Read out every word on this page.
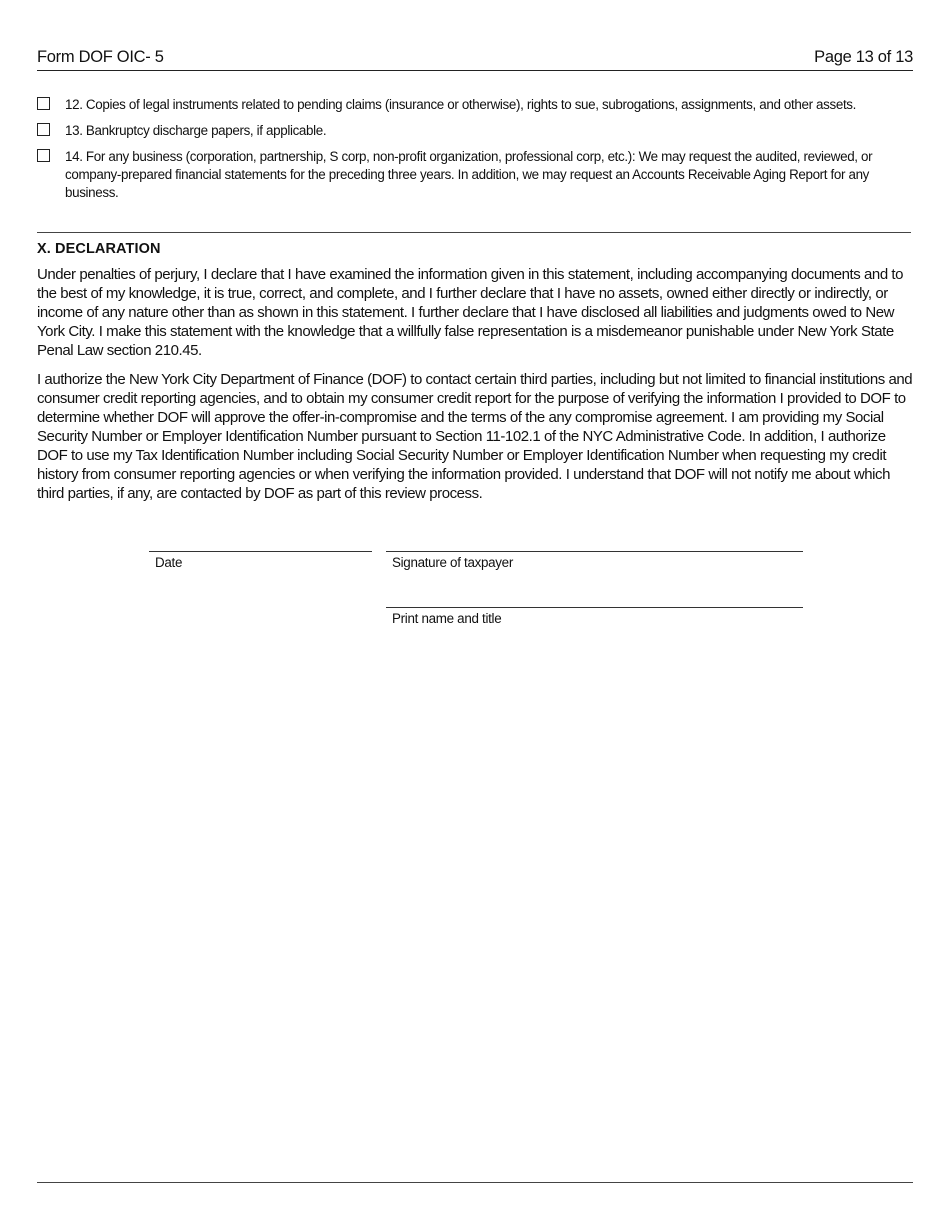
Form DOF OIC- 5	Page 13 of 13
12. Copies of legal instruments related to pending claims (insurance or otherwise), rights to sue, subrogations, assignments, and other assets.
13. Bankruptcy discharge papers, if applicable.
14. For any business (corporation, partnership, S corp, non-profit organization, professional corp, etc.): We may request the audited, reviewed, or company-prepared financial statements for the preceding three years. In addition, we may request an Accounts Receivable Aging Report for any business.
X. DECLARATION
Under penalties of perjury, I declare that I have examined the information given in this statement, including accompanying documents and to the best of my knowledge, it is true, correct, and complete, and I further declare that I have no assets, owned either directly or indirectly, or income of any nature other than as shown in this statement. I further declare that I have disclosed all liabilities and judgments owed to New York City. I make this statement with the knowledge that a willfully false representation is a misdemeanor punishable under New York State Penal Law section 210.45.
I authorize the New York City Department of Finance (DOF) to contact certain third parties, including but not limited to financial institutions and consumer credit reporting agencies, and to obtain my consumer credit report for the purpose of verifying the information I provided to DOF to determine whether DOF will approve the offer-in-compromise and the terms of the any compromise agreement. I am providing my Social Security Number or Employer Identification Number pursuant to Section 11-102.1 of the NYC Administrative Code. In addition, I authorize DOF to use my Tax Identification Number including Social Security Number or Employer Identification Number when requesting my credit history from consumer reporting agencies or when verifying the information provided. I understand that DOF will not notify me about which third parties, if any, are contacted by DOF as part of this review process.
Date	Signature of taxpayer
Print name and title
